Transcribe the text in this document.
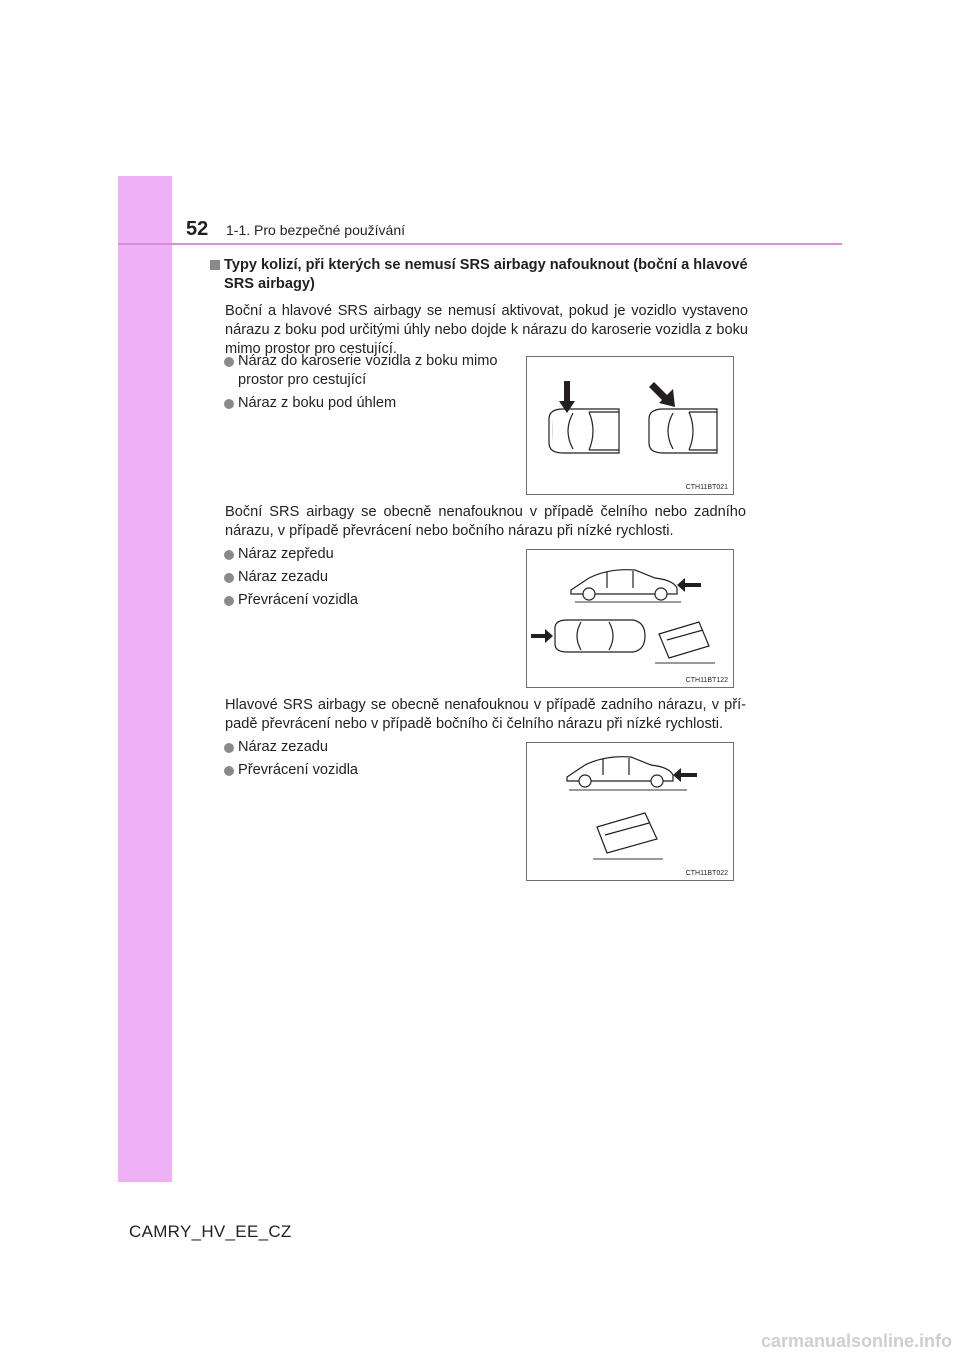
52 1-1. Pro bezpečné používání
Typy kolizí, při kterých se nemusí SRS airbagy nafouknout (boční a hlavové SRS airbagy)
Boční a hlavové SRS airbagy se nemusí aktivovat, pokud je vozidlo vystaveno nárazu z boku pod určitými úhly nebo dojde k nárazu do karoserie vozidla z boku mimo prostor pro cestující.
Náraz do karoserie vozidla z boku mimo prostor pro cestující
Náraz z boku pod úhlem
CTH11BT021
Boční SRS airbagy se obecně nenafouknou v případě čelního nebo zadního nárazu, v případě převrácení nebo bočního nárazu při nízké rychlosti.
Náraz zepředu
Náraz zezadu
Převrácení vozidla
CTH11BT122
Hlavové SRS airbagy se obecně nenafouknou v případě zadního nárazu, v pří- padě převrácení nebo v případě bočního či čelního nárazu při nízké rychlosti.
Náraz zezadu
Převrácení vozidla
CTH11BT022
CAMRY_HV_EE_CZ
carmanualsonline.info
